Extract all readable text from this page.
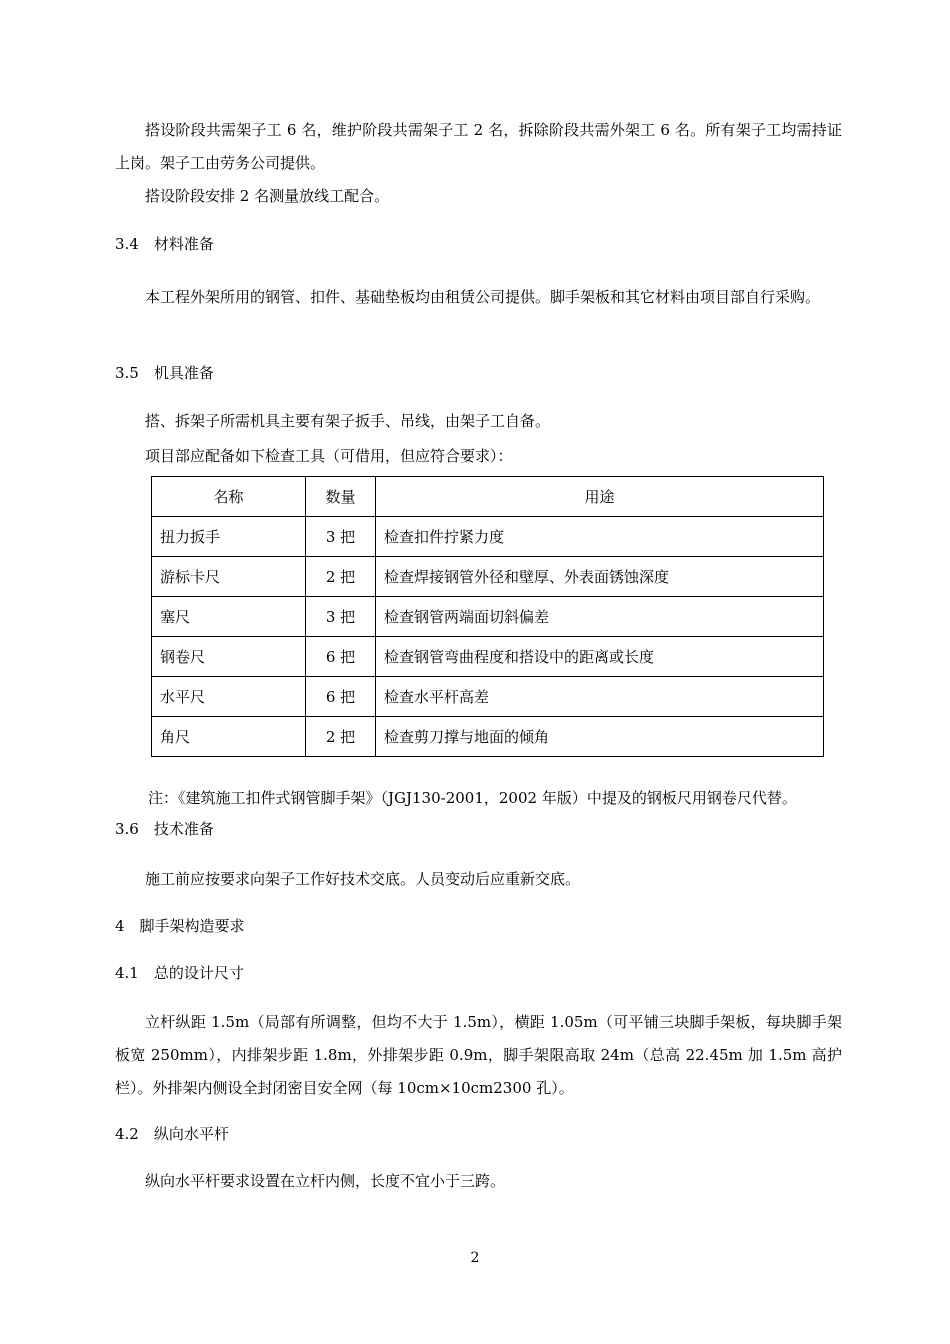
搭设阶段共需架子工 6 名，维护阶段共需架子工 2 名，拆除阶段共需外架工 6 名。所有架子工均需持证上岗。架子工由劳务公司提供。

搭设阶段安排 2 名测量放线工配合。

3.4　材料准备

本工程外架所用的钢管、扣件、基础垫板均由租赁公司提供。脚手架板和其它材料由项目部自行采购。

3.5　机具准备

搭、拆架子所需机具主要有架子扳手、吊线，由架子工自备。

项目部应配备如下检查工具（可借用，但应符合要求）：

名称	数量	用途
扭力扳手	3 把	检查扣件拧紧力度
游标卡尺	2 把	检查焊接钢管外径和壁厚、外表面锈蚀深度
塞尺	3 把	检查钢管两端面切斜偏差
钢卷尺	6 把	检查钢管弯曲程度和搭设中的距离或长度
水平尺	6 把	检查水平杆高差
角尺	2 把	检查剪刀撑与地面的倾角

注：《建筑施工扣件式钢管脚手架》（JGJ130-2001，2002 年版）中提及的钢板尺用钢卷尺代替。

3.6　技术准备

施工前应按要求向架子工作好技术交底。人员变动后应重新交底。

4　脚手架构造要求

4.1　总的设计尺寸

立杆纵距 1.5m（局部有所调整，但均不大于 1.5m），横距 1.05m（可平铺三块脚手架板，每块脚手架板宽 250mm），内排架步距 1.8m，外排架步距 0.9m，脚手架限高取 24m（总高 22.45m 加 1.5m 高护栏）。外排架内侧设全封闭密目安全网（每 10cm×10cm2300 孔）。

4.2　纵向水平杆

纵向水平杆要求设置在立杆内侧，长度不宜小于三跨。

2
